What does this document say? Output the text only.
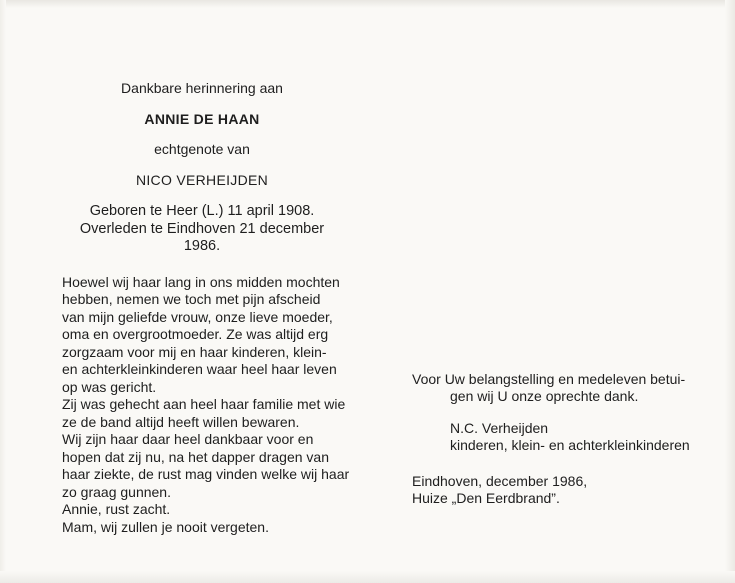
Dankbare herinnering aan
ANNIE DE HAAN
echtgenote van
NICO VERHEIJDEN
Geboren te Heer (L.) 11 april 1908.
Overleden te Eindhoven 21 december 1986.
Hoewel wij haar lang in ons midden mochten
hebben, nemen we toch met pijn afscheid
van mijn geliefde vrouw, onze lieve moeder,
oma en overgrootmoeder. Ze was altijd erg
zorgzaam voor mij en haar kinderen, klein-
en achterkleinkinderen waar heel haar leven
op was gericht.
Zij was gehecht aan heel haar familie met wie
ze de band altijd heeft willen bewaren.
Wij zijn haar daar heel dankbaar voor en
hopen dat zij nu, na het dapper dragen van
haar ziekte, de rust mag vinden welke wij haar
zo graag gunnen.
Annie, rust zacht.
Mam, wij zullen je nooit vergeten.
Voor Uw belangstelling en medeleven betui-
gen wij U onze oprechte dank.
N.C. Verheijden
kinderen, klein- en achterkleinkinderen
Eindhoven, december 1986,
Huize „Den Eerdbrand”.
